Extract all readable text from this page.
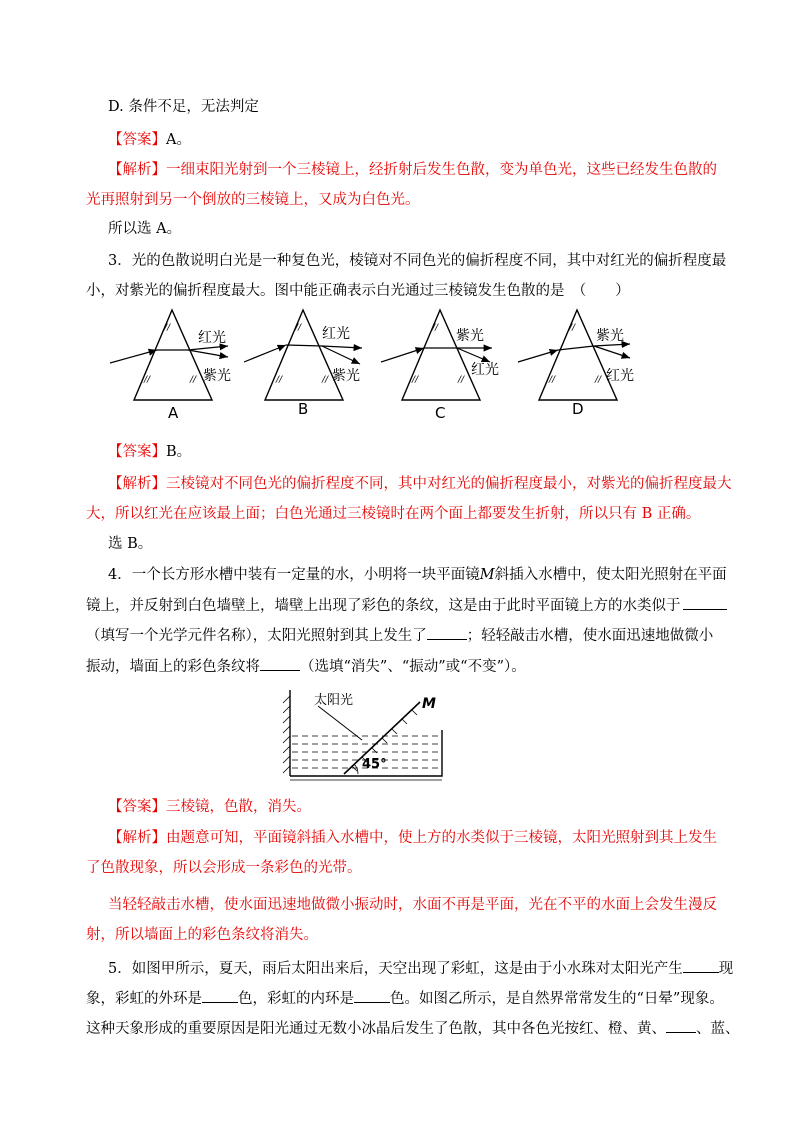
D. 条件不足，无法判定
【答案】A。
【解析】一细束阳光射到一个三棱镜上，经折射后发生色散，变为单色光，这些已经发生色散的
光再照射到另一个倒放的三棱镜上，又成为白色光。
所以选 A。
3．光的色散说明白光是一种复色光，棱镜对不同色光的偏折程度不同，其中对红光的偏折程度最
小，对紫光的偏折程度最大。图中能正确表示白光通过三棱镜发生色散的是　（　　）
//
//	//
红光
紫光
A
//
//	//
红光
紫光
B
//
//	//
紫光
红光
C
//
//	//
紫光
红光
D
【答案】B。
【解析】三棱镜对不同色光的偏折程度不同，其中对红光的偏折程度最小，对紫光的偏折程度最大
大，所以红光在应该最上面；白色光通过三棱镜时在两个面上都要发生折射，所以只有 B 正确。
选 B。
4．一个长方形水槽中装有一定量的水，小明将一块平面镜M斜插入水槽中，使太阳光照射在平面
镜上，并反射到白色墙壁上，墙壁上出现了彩色的条纹，这是由于此时平面镜上方的水类似于
（填写一个光学元件名称），太阳光照射到其上发生了	；轻轻敲击水槽，使水面迅速地做微小
振动，墙面上的彩色条纹将	（选填“消失”、“振动”或“不变”）。
太阳光	M
45°
【答案】三棱镜，色散，消失。
【解析】由题意可知，平面镜斜插入水槽中，使上方的水类似于三棱镜，太阳光照射到其上发生
了色散现象，所以会形成一条彩色的光带。
当轻轻敲击水槽，使水面迅速地做微小振动时，水面不再是平面，光在不平的水面上会发生漫反
射，所以墙面上的彩色条纹将消失。
5．如图甲所示，夏天，雨后太阳出来后，天空出现了彩虹，这是由于小水珠对太阳光产生 现
象，彩虹的外环是 色，彩虹的内环是 色。如图乙所示，是自然界常常发生的“日晕”现象。
这种天象形成的重要原因是阳光通过无数小冰晶后发生了色散，其中各色光按红、橙、黄、 、蓝、
